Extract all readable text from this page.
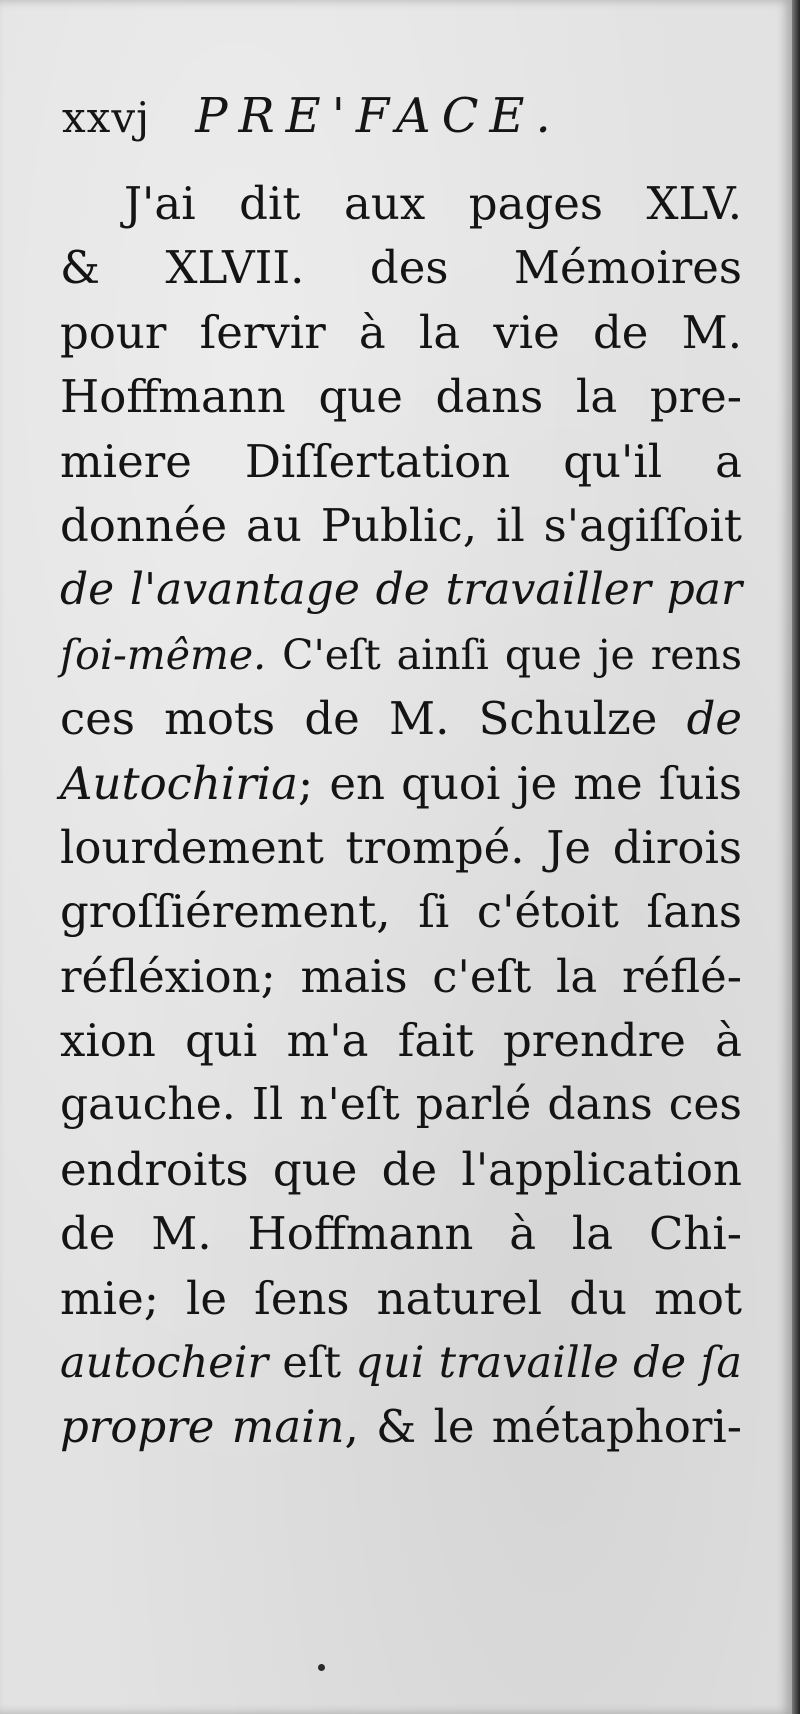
xxvj PRE'FACE.
J'ai dit aux pages XLV.
& XLVII. des Mémoires
pour ſervir à la vie de M.
Hoffmann que dans la pre-
miere Diſſertation qu'il a
donnée au Public, il s'agiſſoit
de l'avantage de travailler par
ſoi-même. C'eſt ainſi que je rens
ces mots de M. Schulze de
Autochiria; en quoi je me ſuis
lourdement trompé. Je dirois
groſſiérement, ſi c'étoit ſans
réfléxion; mais c'eſt la réflé-
xion qui m'a fait prendre à
gauche. Il n'eſt parlé dans ces
endroits que de l'application
de M. Hoffmann à la Chi-
mie; le ſens naturel du mot
autocheir eſt qui travaille de ſa
propre main, & le métaphori-
